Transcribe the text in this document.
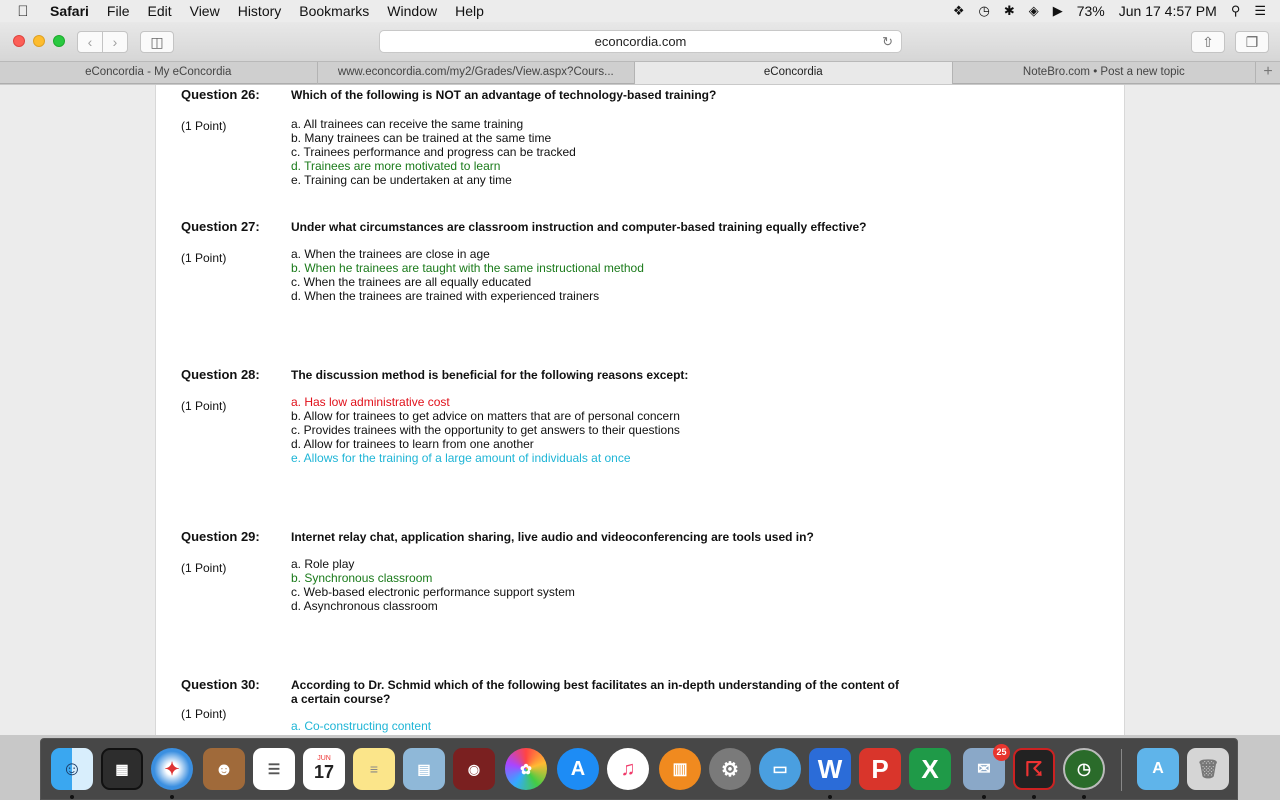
Safari File Edit View History Bookmarks Window Help	❖ ◷ ✱ ◈ ▶ 73% Jun 17 4:57 PM ⚲ ☰
‹ › ◫	econcordia.com	↻	⇧ ❐
eConcordia - My eConcordia	www.econcordia.com/my2/Grades/View.aspx?Cours...	eConcordia	NoteBro.com • Post a new topic	+
Question 26:	Which of the following is NOT an advantage of technology-based training?
(1 Point)	a. All trainees can receive the same training
b. Many trainees can be trained at the same time
c. Trainees performance and progress can be tracked
d. Trainees are more motivated to learn
e. Training can be undertaken at any time
Question 27:	Under what circumstances are classroom instruction and computer-based training equally effective?
(1 Point)	a. When the trainees are close in age
b. When he trainees are taught with the same instructional method
c. When the trainees are all equally educated
d. When the trainees are trained with experienced trainers
Question 28:	The discussion method is beneficial for the following reasons except:
(1 Point)	a. Has low administrative cost
b. Allow for trainees to get advice on matters that are of personal concern
c. Provides trainees with the opportunity to get answers to their questions
d. Allow for trainees to learn from one another
e. Allows for the training of a large amount of individuals at once
Question 29:	Internet relay chat, application sharing, live audio and videoconferencing are tools used in?
(1 Point)	a. Role play
b. Synchronous classroom
c. Web-based electronic performance support system
d. Asynchronous classroom
Question 30:	According to Dr. Schmid which of the following best facilitates an in-depth understanding of the content of a certain course?
(1 Point)
a. Co-constructing content
☺ ▦ ✦ ☻ ☰
JUN
17	≡	▤	◉	✿ A ♫ ▥ ⚙ ▭ W P X ✉
25
☈ ◷	A 🗑
